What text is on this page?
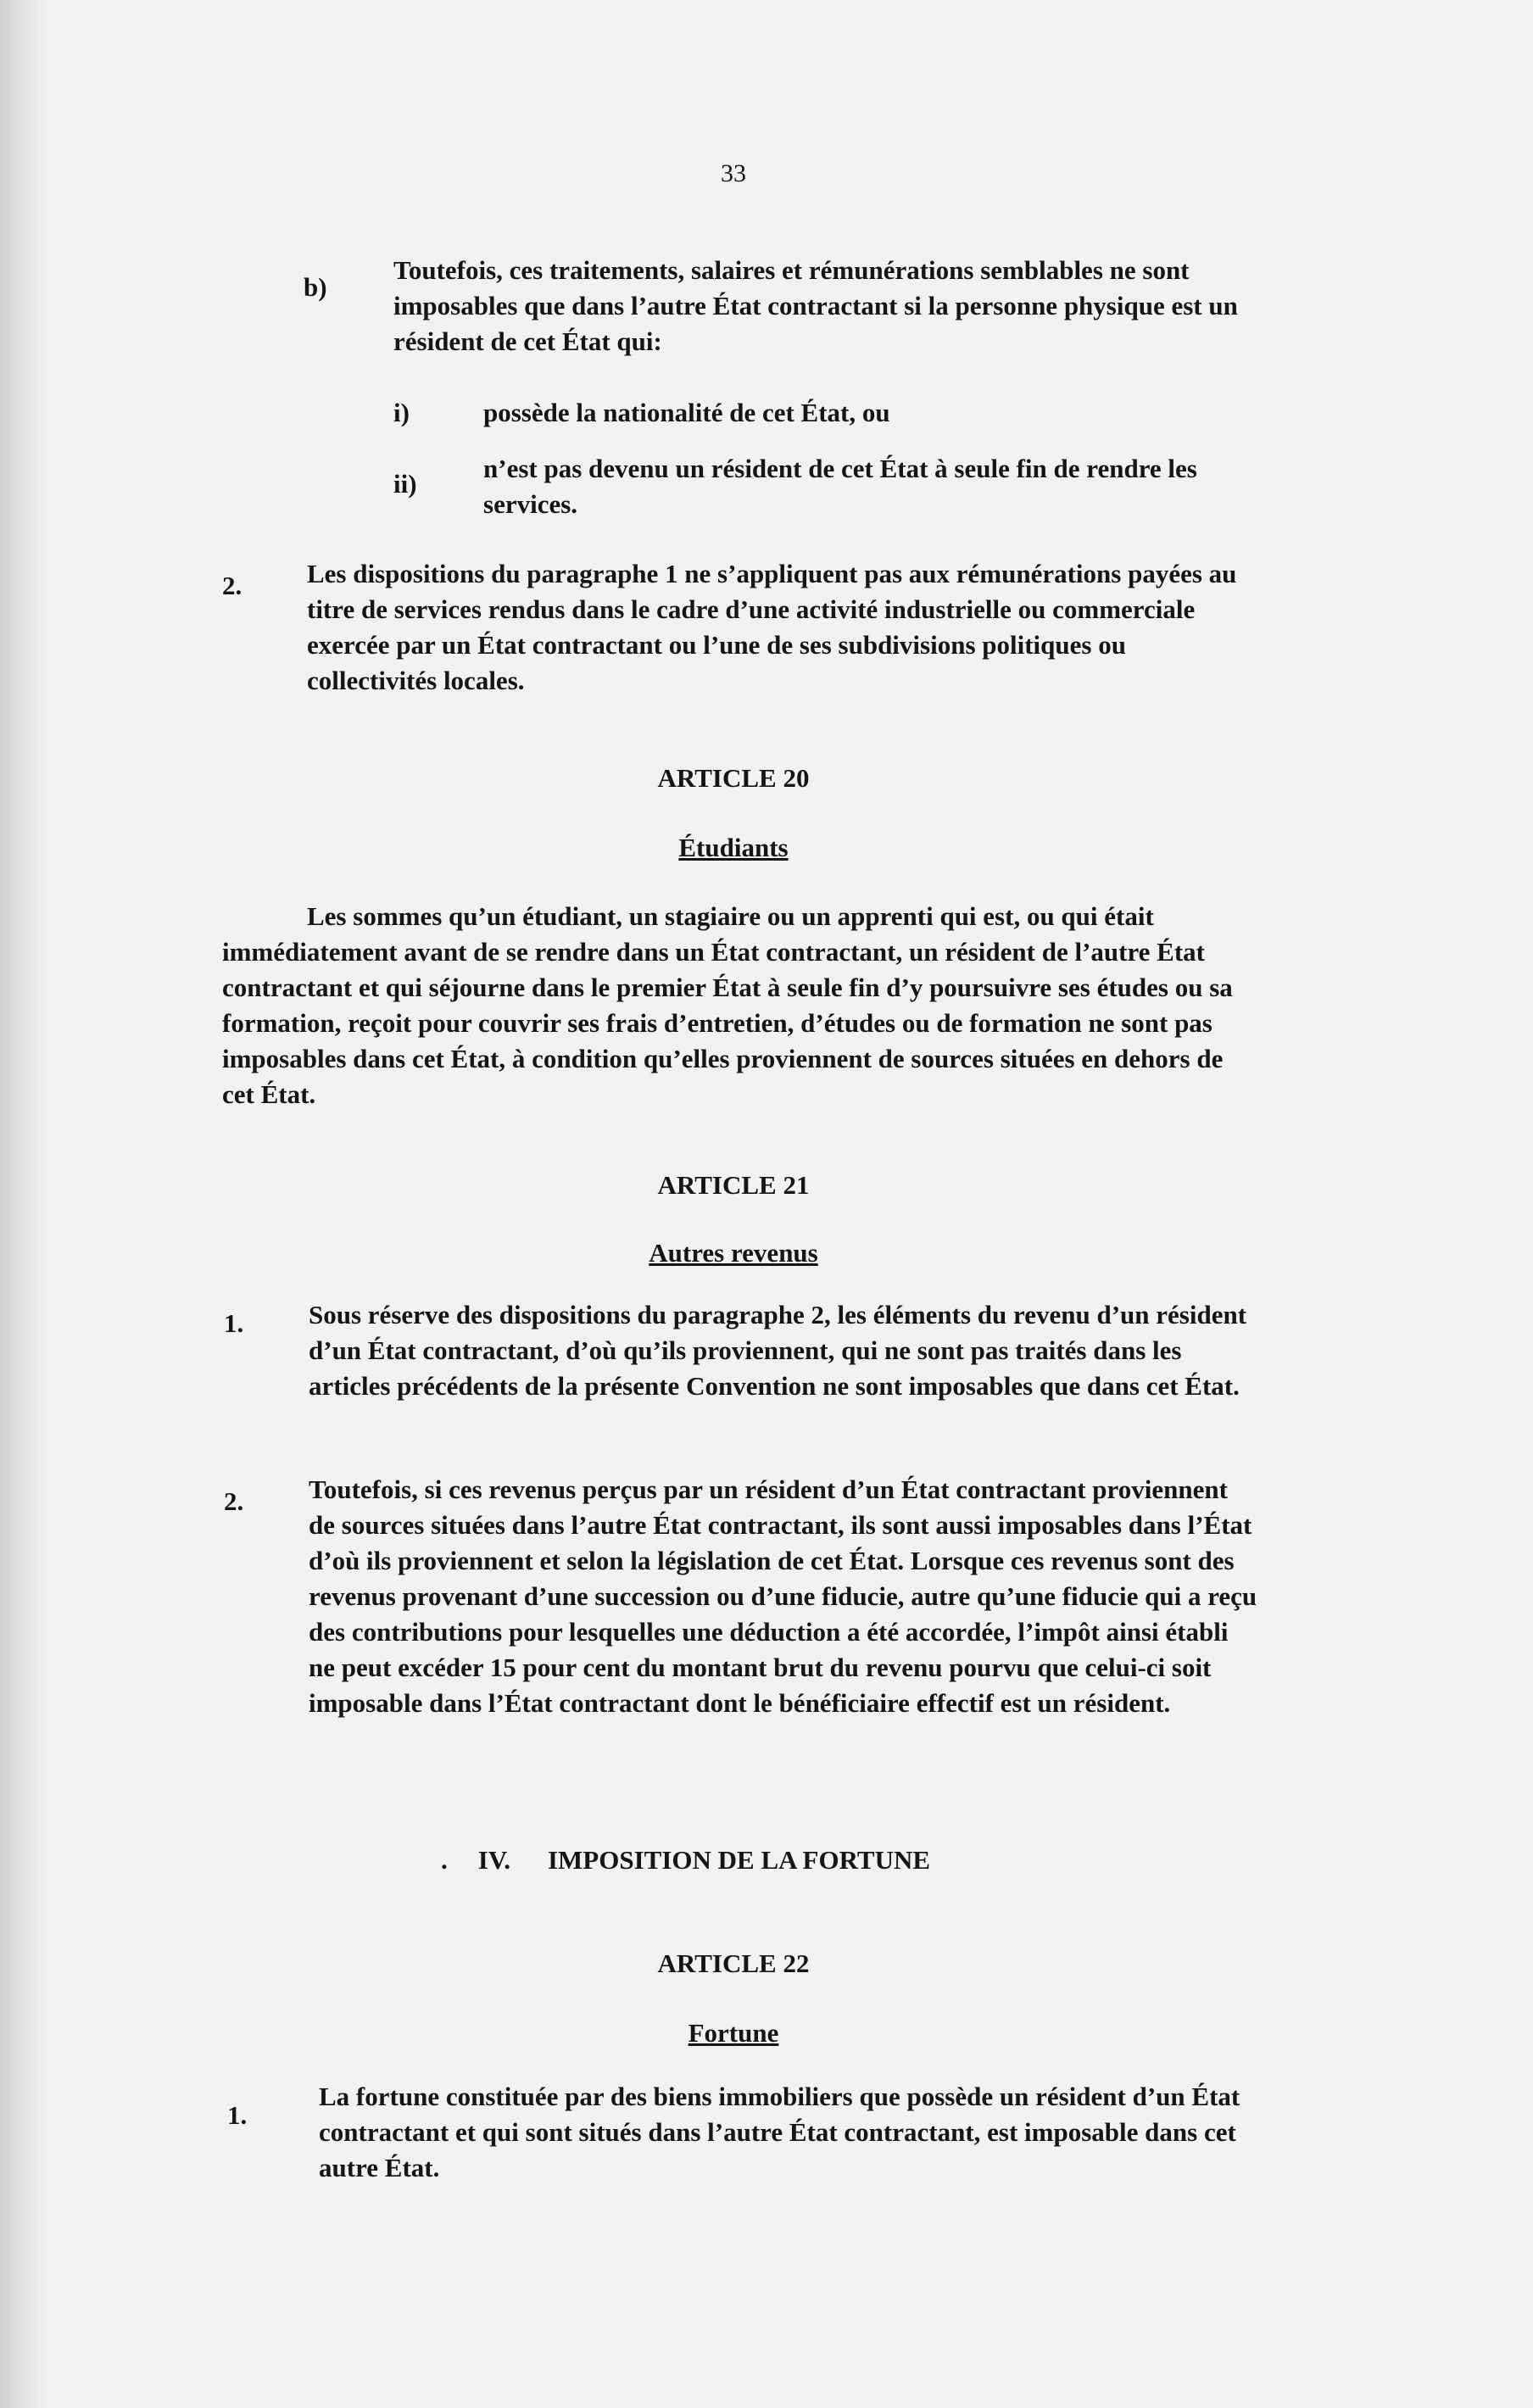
33
b)
Toutefois, ces traitements, salaires et rémunérations semblables ne sont imposables que dans l’autre État contractant si la personne physique est un résident de cet État qui:
i)	possède la nationalité de cet État, ou
ii)
n’est pas devenu un résident de cet État à seule fin de rendre les services.
2. Les dispositions du paragraphe 1 ne s’appliquent pas aux rémunérations payées au titre de services rendus dans le cadre d’une activité industrielle ou commerciale exercée par un État contractant ou l’une de ses subdivisions politiques ou collectivités locales.
ARTICLE 20
Étudiants
Les sommes qu’un étudiant, un stagiaire ou un apprenti qui est, ou qui était immédiatement avant de se rendre dans un État contractant, un résident de l’autre État contractant et qui séjourne dans le premier État à seule fin d’y poursuivre ses études ou sa formation, reçoit pour couvrir ses frais d’entretien, d’études ou de formation ne sont pas imposables dans cet État, à condition qu’elles proviennent de sources situées en dehors de cet État.
ARTICLE 21
Autres revenus
1. Sous réserve des dispositions du paragraphe 2, les éléments du revenu d’un résident d’un État contractant, d’où qu’ils proviennent, qui ne sont pas traités dans les articles précédents de la présente Convention ne sont imposables que dans cet État.
2. Toutefois, si ces revenus perçus par un résident d’un État contractant proviennent de sources situées dans l’autre État contractant, ils sont aussi imposables dans l’État d’où ils proviennent et selon la législation de cet État. Lorsque ces revenus sont des revenus provenant d’une succession ou d’une fiducie, autre qu’une fiducie qui a reçu des contributions pour lesquelles une déduction a été accordée, l’impôt ainsi établi ne peut excéder 15 pour cent du montant brut du revenu pourvu que celui-ci soit imposable dans l’État contractant dont le bénéficiaire effectif est un résident.
. IV. IMPOSITION DE LA FORTUNE
ARTICLE 22
Fortune
1.
La fortune constituée par des biens immobiliers que possède un résident d’un État contractant et qui sont situés dans l’autre État contractant, est imposable dans cet autre État.
